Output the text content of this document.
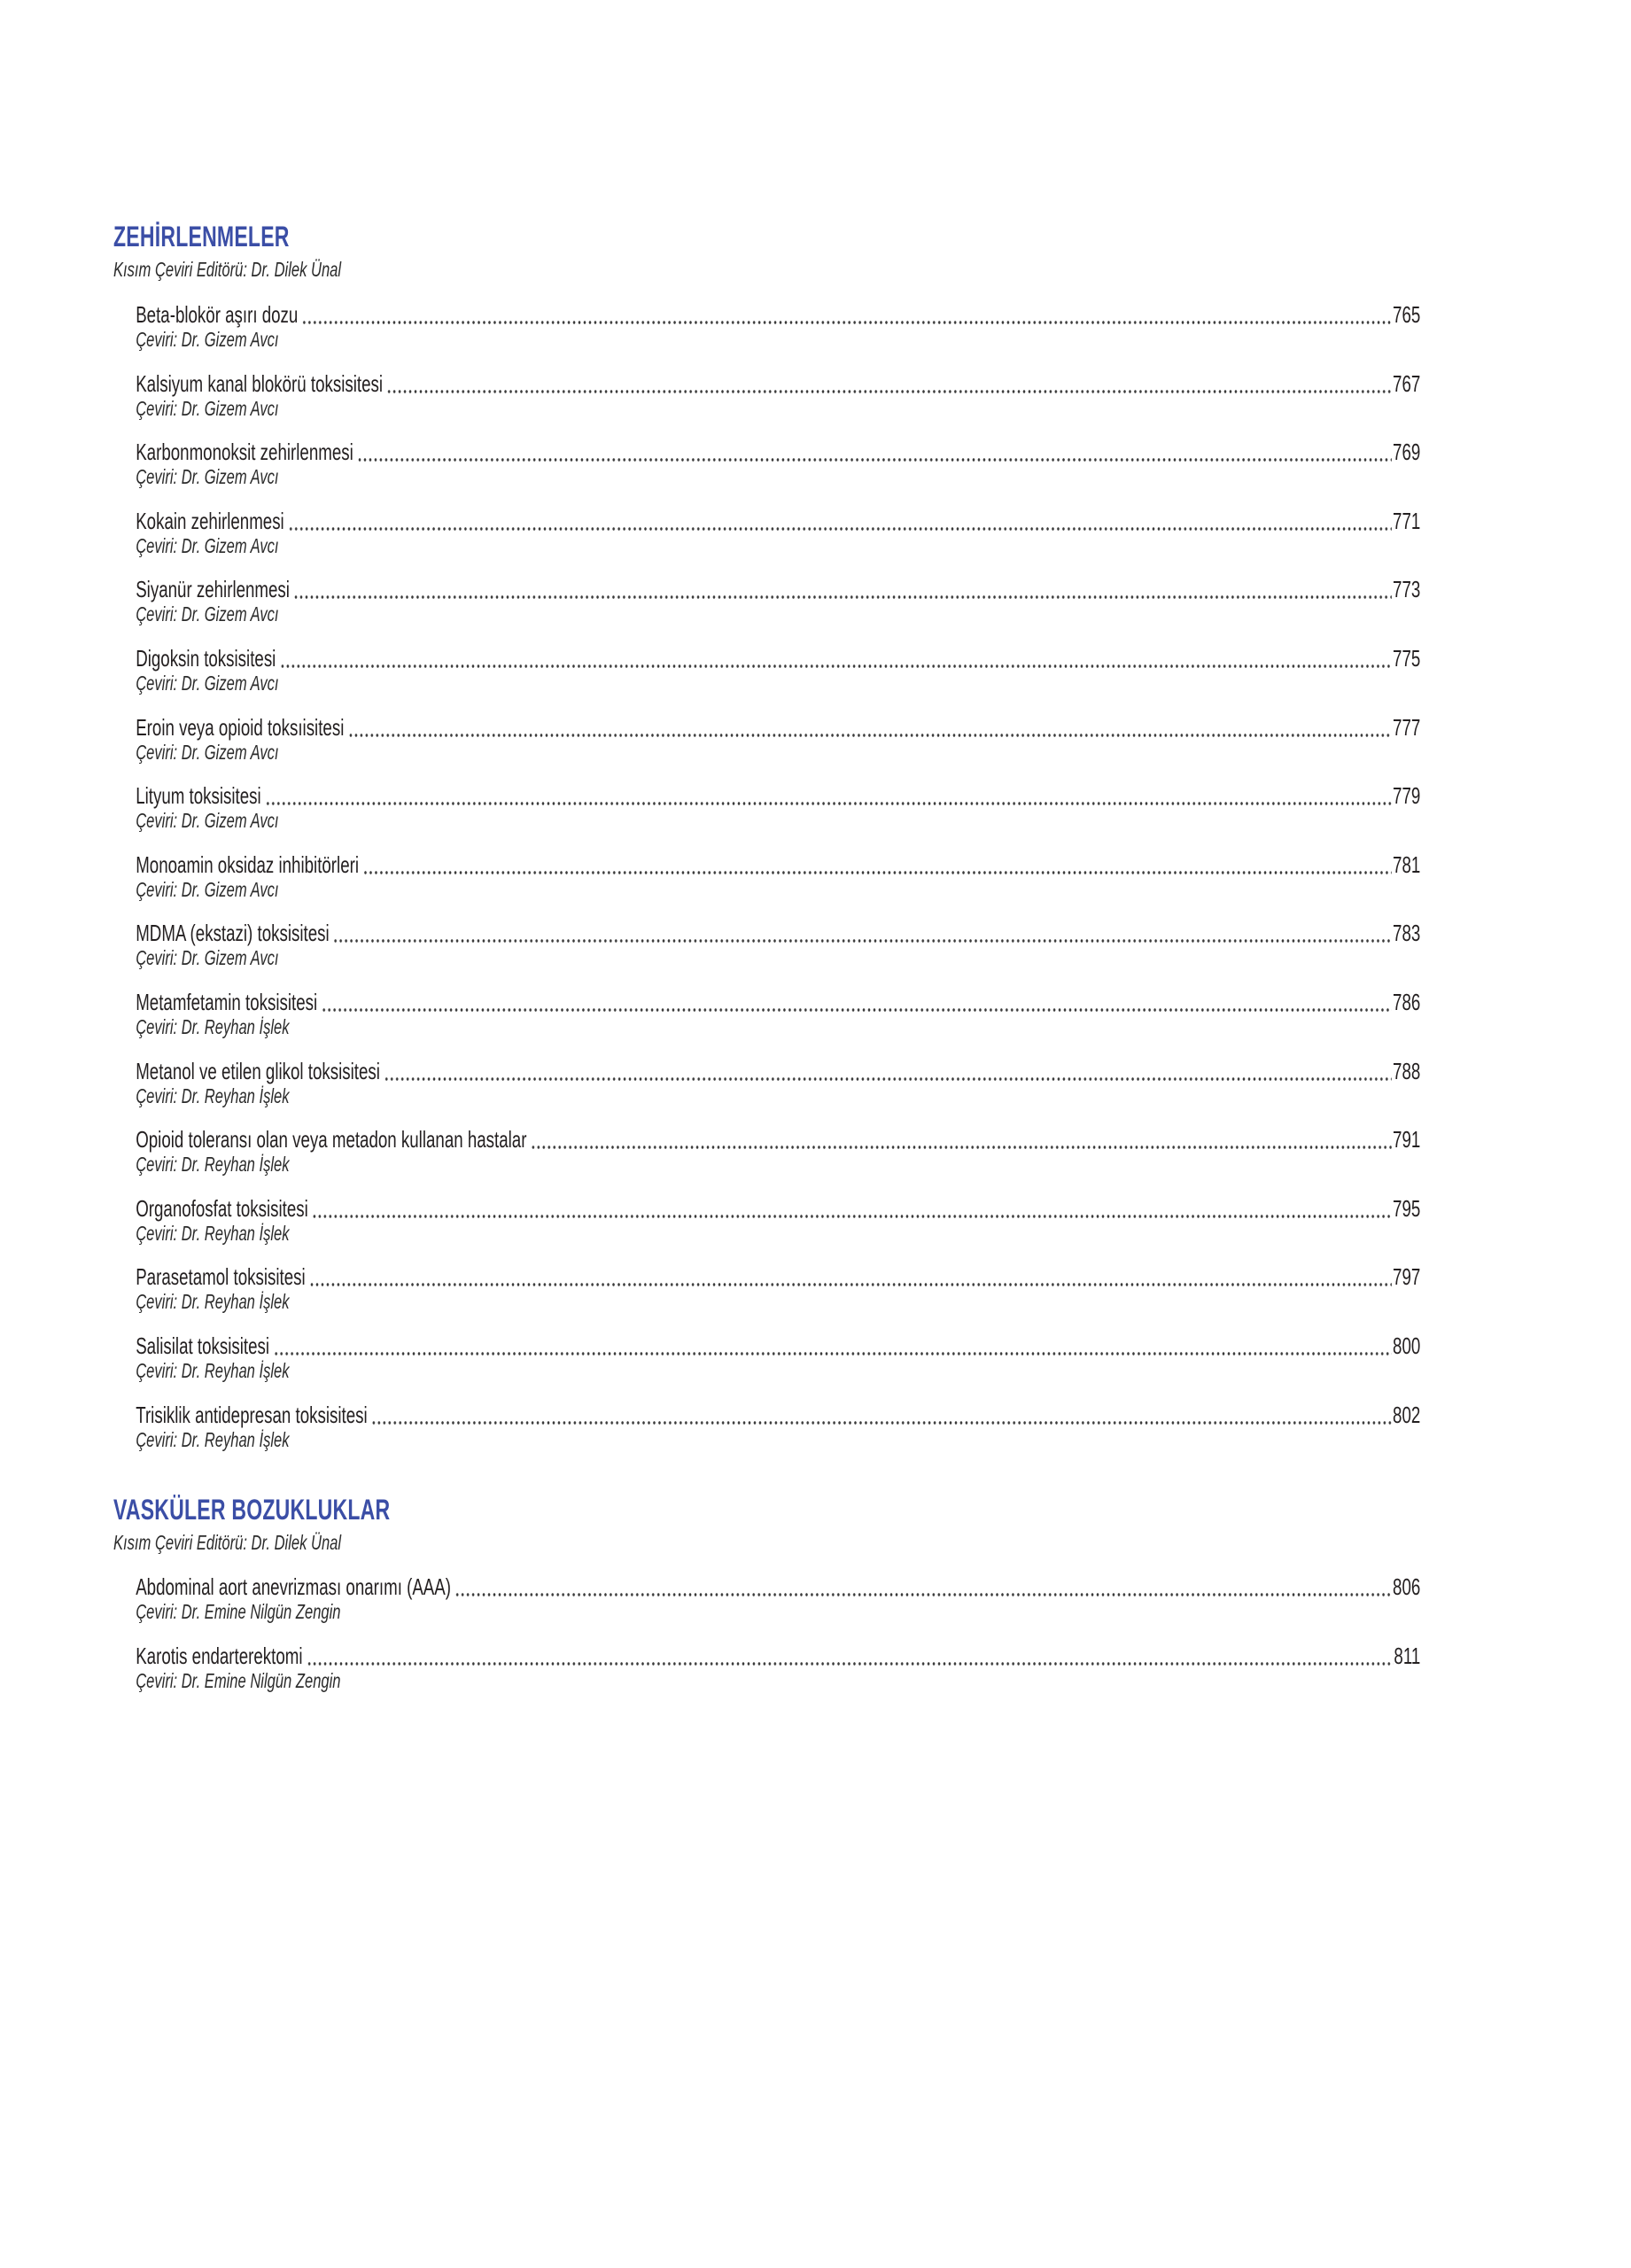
ZEHİRLENMELER
Kısım Çeviri Editörü: Dr. Dilek Ünal
Beta-blokör aşırı dozu	765
Çeviri: Dr. Gizem Avcı
Kalsiyum kanal blokörü toksisitesi	767
Çeviri: Dr. Gizem Avcı
Karbonmonoksit zehirlenmesi	769
Çeviri: Dr. Gizem Avcı
Kokain zehirlenmesi	771
Çeviri: Dr. Gizem Avcı
Siyanür zehirlenmesi	773
Çeviri: Dr. Gizem Avcı
Digoksin toksisitesi	775
Çeviri: Dr. Gizem Avcı
Eroin veya opioid toksıisitesi	777
Çeviri: Dr. Gizem Avcı
Lityum toksisitesi	779
Çeviri: Dr. Gizem Avcı
Monoamin oksidaz inhibitörleri	781
Çeviri: Dr. Gizem Avcı
MDMA (ekstazi) toksisitesi	783
Çeviri: Dr. Gizem Avcı
Metamfetamin toksisitesi	786
Çeviri: Dr. Reyhan İşlek
Metanol ve etilen glikol toksisitesi	788
Çeviri: Dr. Reyhan İşlek
Opioid toleransı olan veya metadon kullanan hastalar	791
Çeviri: Dr. Reyhan İşlek
Organofosfat toksisitesi	795
Çeviri: Dr. Reyhan İşlek
Parasetamol toksisitesi	797
Çeviri: Dr. Reyhan İşlek
Salisilat toksisitesi	800
Çeviri: Dr. Reyhan İşlek
Trisiklik antidepresan toksisitesi	802
Çeviri: Dr. Reyhan İşlek
VASKÜLER BOZUKLUKLAR
Kısım Çeviri Editörü: Dr. Dilek Ünal
Abdominal aort anevrizması onarımı (AAA)	806
Çeviri: Dr. Emine Nilgün Zengin
Karotis endarterektomi	811
Çeviri: Dr. Emine Nilgün Zengin
